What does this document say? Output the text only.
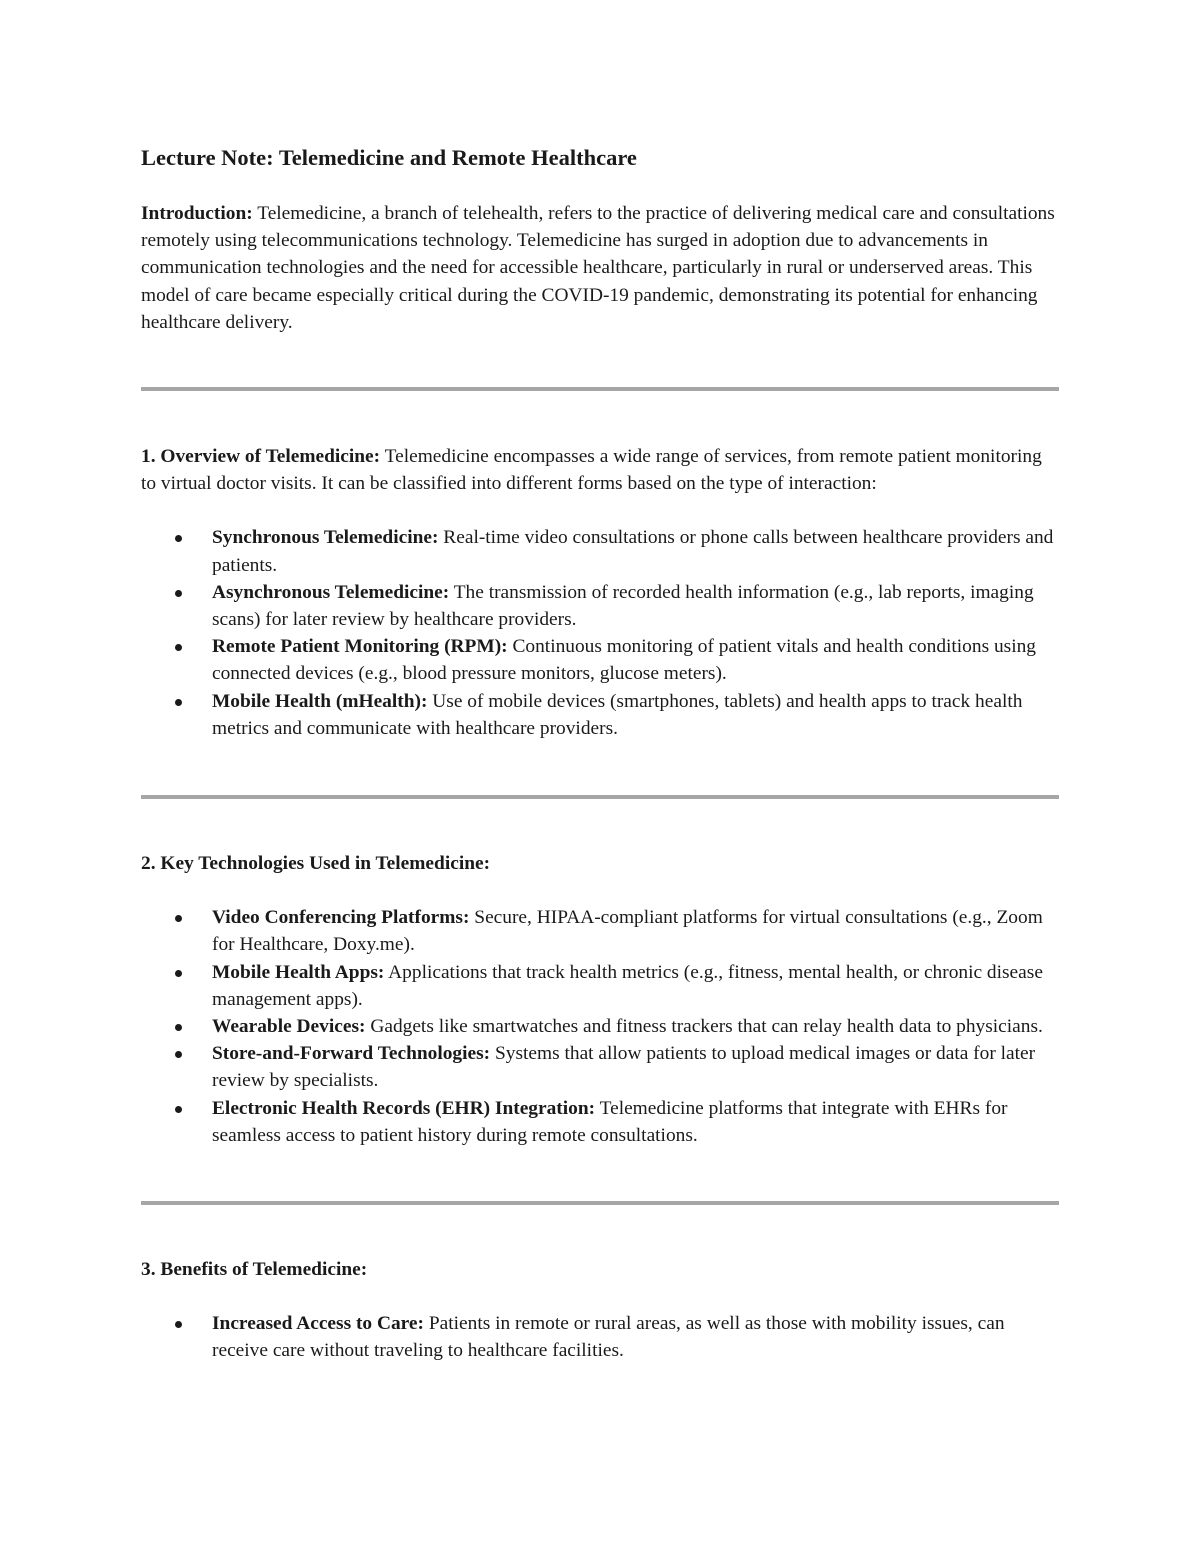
Lecture Note: Telemedicine and Remote Healthcare

Introduction: Telemedicine, a branch of telehealth, refers to the practice of delivering medical care and consultations remotely using telecommunications technology. Telemedicine has surged in adoption due to advancements in communication technologies and the need for accessible healthcare, particularly in rural or underserved areas. This model of care became especially critical during the COVID-19 pandemic, demonstrating its potential for enhancing healthcare delivery.

1. Overview of Telemedicine: Telemedicine encompasses a wide range of services, from remote patient monitoring to virtual doctor visits. It can be classified into different forms based on the type of interaction:

Synchronous Telemedicine: Real-time video consultations or phone calls between healthcare providers and patients.
Asynchronous Telemedicine: The transmission of recorded health information (e.g., lab reports, imaging scans) for later review by healthcare providers.
Remote Patient Monitoring (RPM): Continuous monitoring of patient vitals and health conditions using connected devices (e.g., blood pressure monitors, glucose meters).
Mobile Health (mHealth): Use of mobile devices (smartphones, tablets) and health apps to track health metrics and communicate with healthcare providers.

2. Key Technologies Used in Telemedicine:

Video Conferencing Platforms: Secure, HIPAA-compliant platforms for virtual consultations (e.g., Zoom for Healthcare, Doxy.me).
Mobile Health Apps: Applications that track health metrics (e.g., fitness, mental health, or chronic disease management apps).
Wearable Devices: Gadgets like smartwatches and fitness trackers that can relay health data to physicians.
Store-and-Forward Technologies: Systems that allow patients to upload medical images or data for later review by specialists.
Electronic Health Records (EHR) Integration: Telemedicine platforms that integrate with EHRs for seamless access to patient history during remote consultations.

3. Benefits of Telemedicine:

Increased Access to Care: Patients in remote or rural areas, as well as those with mobility issues, can receive care without traveling to healthcare facilities.
